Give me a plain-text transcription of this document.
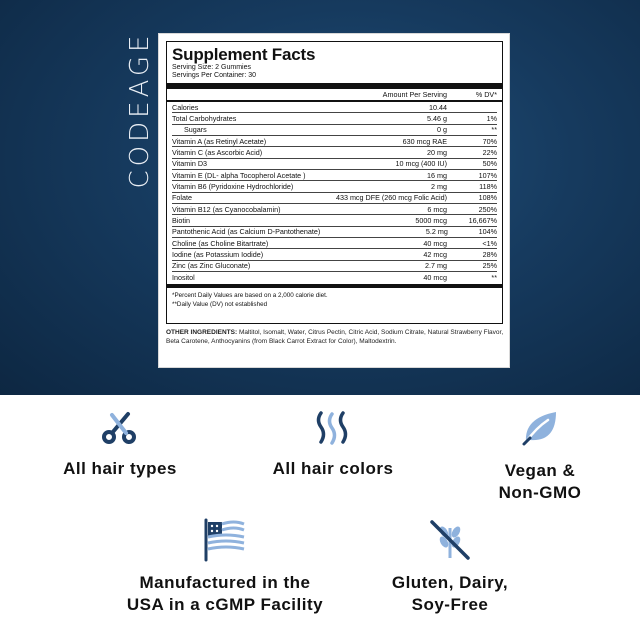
CODEAGE Supplement Facts
Serving Size: 2 Gummies
Servings Per Container: 30
Amount Per Serving	% DV*
Calories	10.44
Total Carbohydrates	5.46 g	1%
Sugars	0 g	**
Vitamin A (as Retinyl Acetate)	630 mcg RAE	70%
Vitamin C (as Ascorbic Acid)	20 mg	22%
Vitamin D3	10 mcg (400 IU)	50%
Vitamin E (DL- alpha Tocopherol Acetate )	16 mg	107%
Vitamin B6 (Pyridoxine Hydrochloride)	2 mg	118%
Folate	433 mcg DFE (260 mcg Folic Acid)	108%
Vitamin B12 (as Cyanocobalamin)	6 mcg	250%
Biotin	5000 mcg	16,667%
Pantothenic Acid (as Calcium D-Pantothenate)	5.2 mg	104%
Choline (as Choline Bitartrate)	40 mcg	<1%
Iodine (as Potassium Iodide)	42 mcg	28%
Zinc (as Zinc Gluconate)	2.7 mg	25%
Inositol	40 mcg	**
*Percent Daily Values are based on a 2,000 calorie diet.
**Daily Value (DV) not established
OTHER INGREDIENTS: Maltitol, Isomalt, Water, Citrus Pectin, Citric Acid, Sodium Citrate, Natural Strawberry Flavor, Beta Carotene, Anthocyanins (from Black Carrot Extract for Color), Maltodextrin.
All hair types	All hair colors	Vegan &
Non-GMO
Manufactured in the
USA in a cGMP Facility
Gluten, Dairy,
Soy-Free
